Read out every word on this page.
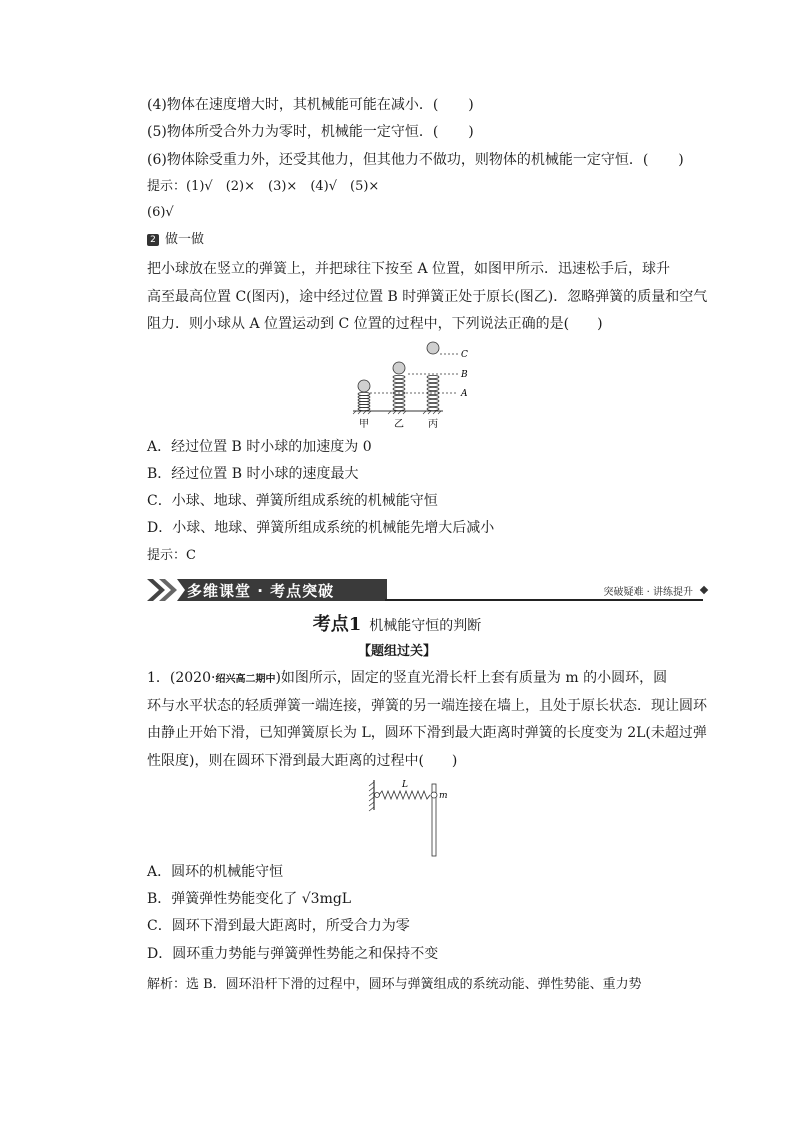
(4)物体在速度增大时，其机械能可能在减小．( )
(5)物体所受合外力为零时，机械能一定守恒．( )
(6)物体除受重力外，还受其他力，但其他力不做功，则物体的机械能一定守恒．( )
提示：(1)√　(2)×　(3)×　(4)√　(5)×
(6)√
2 做一做
把小球放在竖立的弹簧上，并把球往下按至 A 位置，如图甲所示．迅速松手后，球升
高至最高位置 C(图丙)，途中经过位置 B 时弹簧正处于原长(图乙)．忽略弹簧的质量和空气
阻力．则小球从 A 位置运动到 C 位置的过程中，下列说法正确的是(　　)
C
B
A
甲	乙 丙
A．经过位置 B 时小球的加速度为 0
B．经过位置 B 时小球的速度最大
C．小球、地球、弹簧所组成系统的机械能守恒
D．小球、地球、弹簧所组成系统的机械能先增大后减小
提示：C
多维课堂 · 考点突破	突破疑难 · 讲练提升
考点1 机械能守恒的判断
【题组过关】
1．(2020·绍兴高二期中)如图所示，固定的竖直光滑长杆上套有质量为 m 的小圆环，圆
环与水平状态的轻质弹簧一端连接，弹簧的另一端连接在墙上，且处于原长状态．现让圆环
由静止开始下滑，已知弹簧原长为 L，圆环下滑到最大距离时弹簧的长度变为 2L(未超过弹
性限度)，则在圆环下滑到最大距离的过程中(　　)
L
m
A．圆环的机械能守恒
B．弹簧弹性势能变化了 √3mgL
C．圆环下滑到最大距离时，所受合力为零
D．圆环重力势能与弹簧弹性势能之和保持不变
解析：选 B．圆环沿杆下滑的过程中，圆环与弹簧组成的系统动能、弹性势能、重力势
